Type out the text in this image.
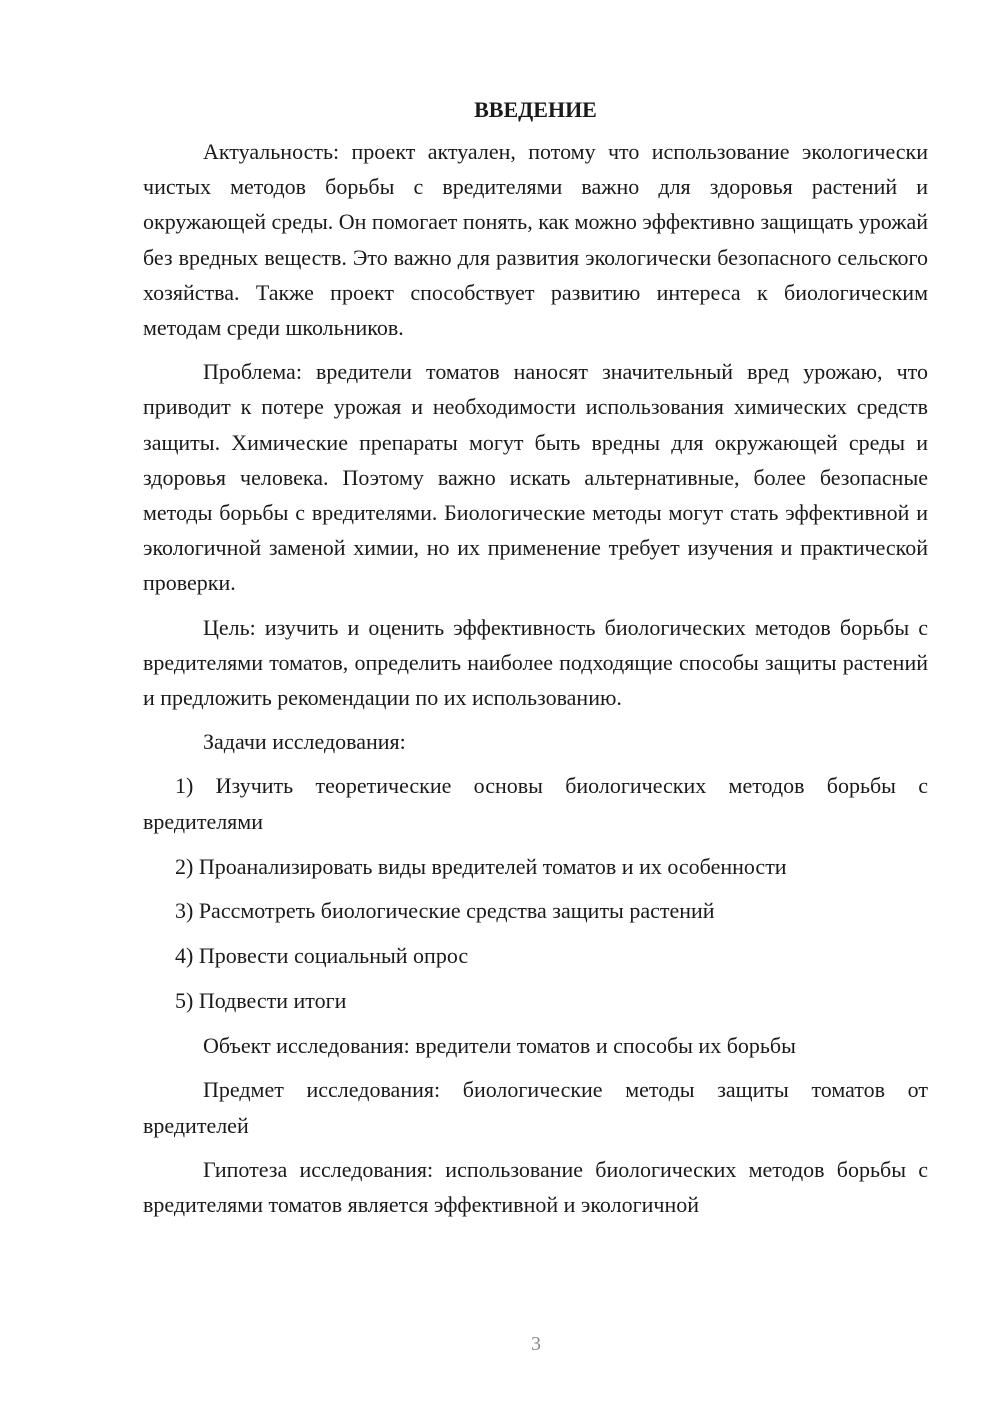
ВВЕДЕНИЕ

Актуальность: проект актуален, потому что использование экологически чистых методов борьбы с вредителями важно для здоровья растений и окружающей среды. Он помогает понять, как можно эффективно защищать урожай без вредных веществ. Это важно для развития экологически безопасного сельского хозяйства. Также проект способствует развитию интереса к биологическим методам среди школьников.

Проблема: вредители томатов наносят значительный вред урожаю, что приводит к потере урожая и необходимости использования химических средств защиты. Химические препараты могут быть вредны для окружающей среды и здоровья человека. Поэтому важно искать альтернативные, более безопасные методы борьбы с вредителями. Биологические методы могут стать эффективной и экологичной заменой химии, но их применение требует изучения и практической проверки.

Цель: изучить и оценить эффективность биологических методов борьбы с вредителями томатов, определить наиболее подходящие способы защиты растений и предложить рекомендации по их использованию.

Задачи исследования:

1) Изучить теоретические основы биологических методов борьбы с вредителями

2) Проанализировать виды вредителей томатов и их особенности

3) Рассмотреть биологические средства защиты растений

4) Провести социальный опрос

5) Подвести итоги

Объект исследования: вредители томатов и способы их борьбы

Предмет исследования: биологические методы защиты томатов от вредителей

Гипотеза исследования: использование биологических методов борьбы с вредителями томатов является эффективной и экологичной

3
